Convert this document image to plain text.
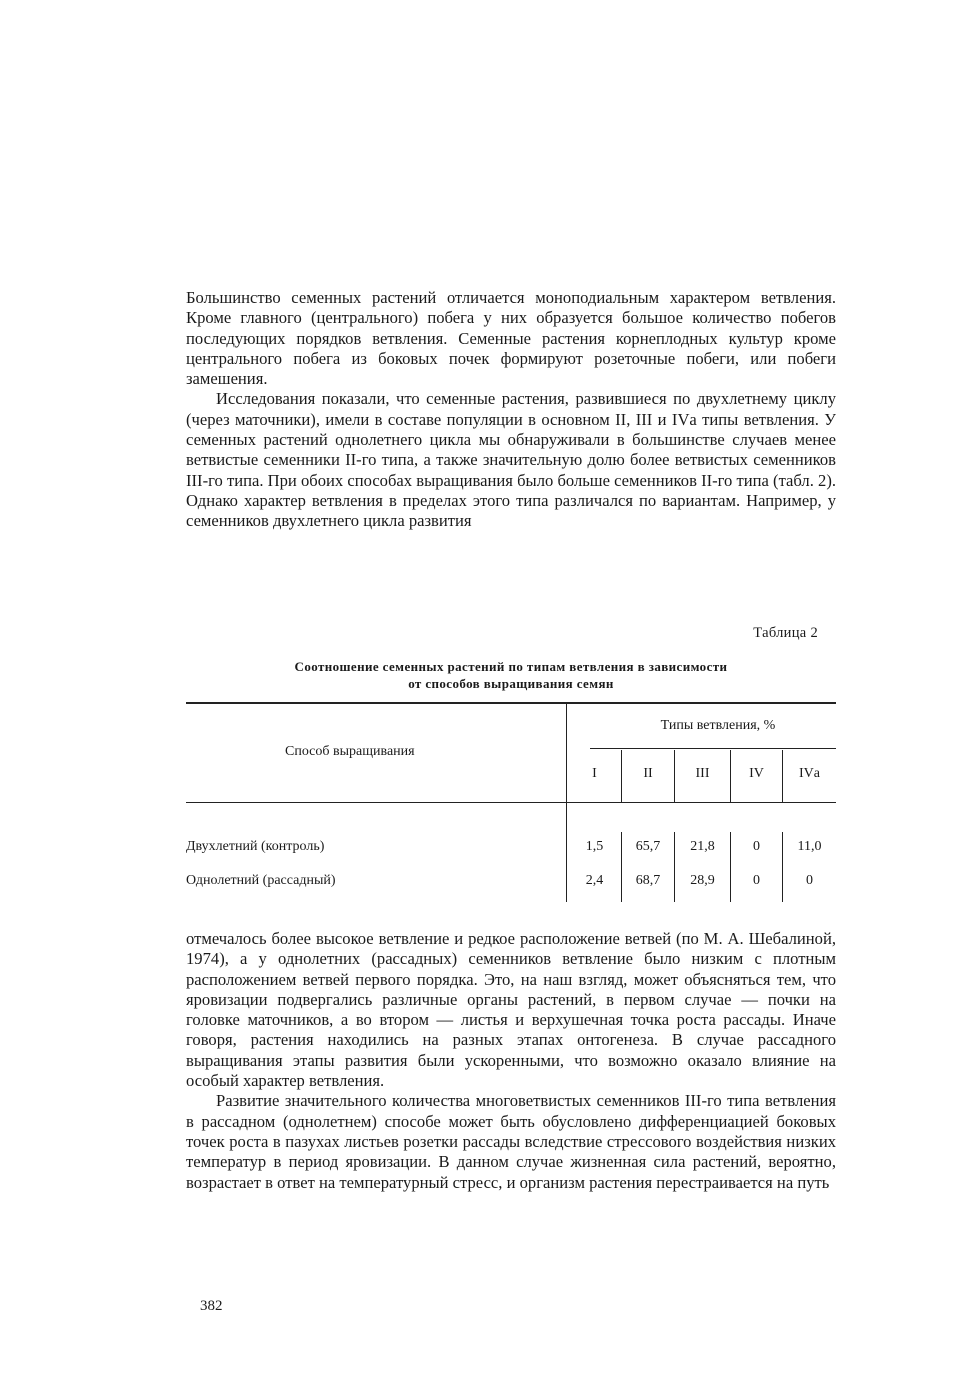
Большинство семенных растений отличается моноподиальным характером ветвления. Кроме главного (центрального) побега у них образуется большое количество побегов последующих порядков ветвления. Семенные растения корнеплодных культур кроме центрального побега из боковых почек формируют розеточные побеги, или побеги замешения.

Исследования показали, что семенные растения, развившиеся по двухлетнему циклу (через маточники), имели в составе популяции в основном II, III и IVа типы ветвления. У семенных растений однолетнего цикла мы обнаруживали в большинстве случаев менее ветвистые семенники II-го типа, а также значительную долю более ветвистых семенников III-го типа. При обоих способах выращивания было больше семенников II-го типа (табл. 2). Однако характер ветвления в пределах этого типа различался по вариантам. Например, у семенников двухлетнего цикла развития

Таблица 2
Соотношение семенных растений по типам ветвления в зависимости
от способов выращивания семян
Способ выращивания
Типы ветвления, %
I	II	III	IV	IVа
Двухлетний (контроль)	1,5	65,7	21,8	0	11,0
Однолетний (рассадный)	2,4	68,7	28,9	0	0

отмечалось более высокое ветвление и редкое расположение ветвей (по М. А. Шебалиной, 1974), а у однолетних (рассадных) семенников ветвление было низким с плотным расположением ветвей первого порядка. Это, на наш взгляд, может объясняться тем, что яровизации подвергались различные органы растений, в первом случае — почки на головке маточников, а во втором — листья и верхушечная точка роста рассады. Иначе говоря, растения находились на разных этапах онтогенеза. В случае рассадного выращивания этапы развития были ускоренными, что возможно оказало влияние на особый характер ветвления.

Развитие значительного количества многоветвистых семенников III-го типа ветвления в рассадном (однолетнем) способе может быть обусловлено дифференциацией боковых точек роста в пазухах листьев розетки рассады вследствие стрессового воздействия низких температур в период яровизации. В данном случае жизненная сила растений, вероятно, возрастает в ответ на температурный стресс, и организм растения перестраивается на путь

382
